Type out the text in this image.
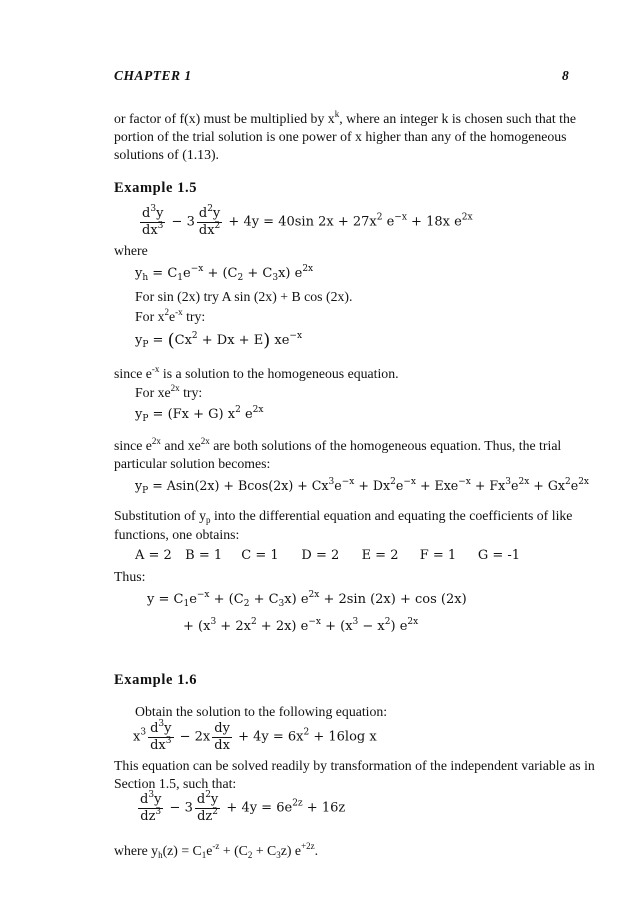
CHAPTER 1	8
or factor of f(x) must be multiplied by $x^k$, where an integer k is chosen such that the
portion of the trial solution is one power of x higher than any of the homogeneous
solutions of (1.13).
Example 1.5
$\frac{d^3y}{dx^3} - 3 \frac{d^2y}{dx^2} + 4y = 40\sin$ $2x + 27x^2$ $e^{-x} + 18x$ $e^{2x}$
where
$y_h = C_1e^{-x} + (C_2 + C_3x)$ $e^{2x}$
For sin (2x) try A sin (2x) + B cos (2x).
For $x^2e^{-x}$ try:
$y_P = (Cx^2 + Dx + E)$ $xe^{-x}$
since $e^{-x}$ is a solution to the homogeneous equation.
For $xe^{2x}$ try:
$y_P = (Fx + G)$ $x^2$ $e^{2x}$
since $e^{2x}$ and $xe^{2x}$ are both solutions of the homogeneous equation. Thus, the trial
particular solution becomes:
$y_P = Asin(2x) + Bcos(2x) + Cx^3e^{-x} + Dx^2e^{-x} + Exe^{-x} + Fx^3e^{2x} + Gx^2e^{2x}$
Substitution of $y_p$ into the differential equation and equating the coefficients of like
functions, one obtains:
A = 2 B = 1 C = 1 D = 2 E = 2 F = 1 G = -1
Thus:
$y = C_1e^{-x} + (C_2 + C_3x) e^{2x} + 2\sin$ (2x) + cos (2x)
+ $(x^3 + 2x^2 + 2x) e^{-x} + (x^3 - x^2)$ $e^{2x}$
Example 1.6
Obtain the solution to the following equation:
$x^3 \frac{d^3y}{dx^3} - 2x \frac{dy}{dx} + 4y = 6x^2 + 16\log$ x
This equation can be solved readily by transformation of the independent variable as in
Section 1.5, such that:
$\frac{d^3y}{dz^3} - 3 \frac{d^2y}{dz^2} + 4y = 6e^{2z} + 16z$
where $y_h(z) = C_1e^{-z} + (C_2 + C_3z)$ $e^{+2z}$.
